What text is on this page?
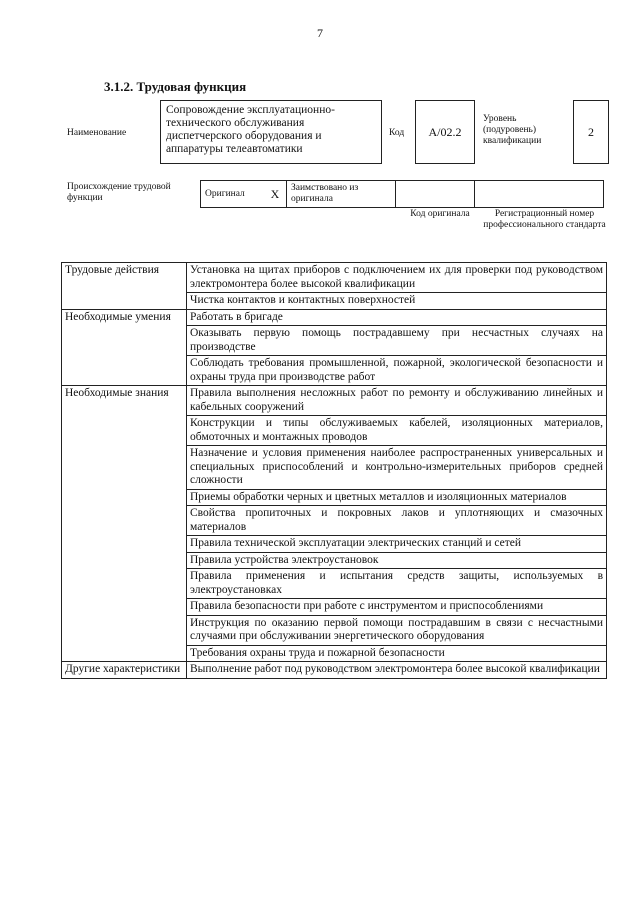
7
3.1.2. Трудовая функция
Наименование
Сопровождение эксплуатационно-технического обслуживания диспетчерского оборудования и аппаратуры телеавтоматики
Код	A/02.2
Уровень (подуровень) квалификации
2
Происхождение трудовой функции	Оригинал	X	Заимствовано из оригинала		
Код оригинала	Регистрационный номер профессионального стандарта
Трудовые действия	Установка на щитах приборов с подключением их для проверки под руководством электромонтера более высокой квалификации
	Чистка контактов и контактных поверхностей
Необходимые умения	Работать в бригаде
	Оказывать первую помощь пострадавшему при несчастных случаях на производстве
	Соблюдать требования промышленной, пожарной, экологической безопасности и охраны труда при производстве работ
Необходимые знания	Правила выполнения несложных работ по ремонту и обслуживанию линейных и кабельных сооружений
	Конструкции и типы обслуживаемых кабелей, изоляционных материалов, обмоточных и монтажных проводов
	Назначение и условия применения наиболее распространенных универсальных и специальных приспособлений и контрольно-измерительных приборов средней сложности
	Приемы обработки черных и цветных металлов и изоляционных материалов
	Свойства пропиточных и покровных лаков и уплотняющих и смазочных материалов
	Правила технической эксплуатации электрических станций и сетей
	Правила устройства электроустановок
	Правила применения и испытания средств защиты, используемых в электроустановках
	Правила безопасности при работе с инструментом и приспособлениями
	Инструкция по оказанию первой помощи пострадавшим в связи с несчастными случаями при обслуживании энергетического оборудования
	Требования охраны труда и пожарной безопасности
Другие характеристики	Выполнение работ под руководством электромонтера более высокой квалификации
